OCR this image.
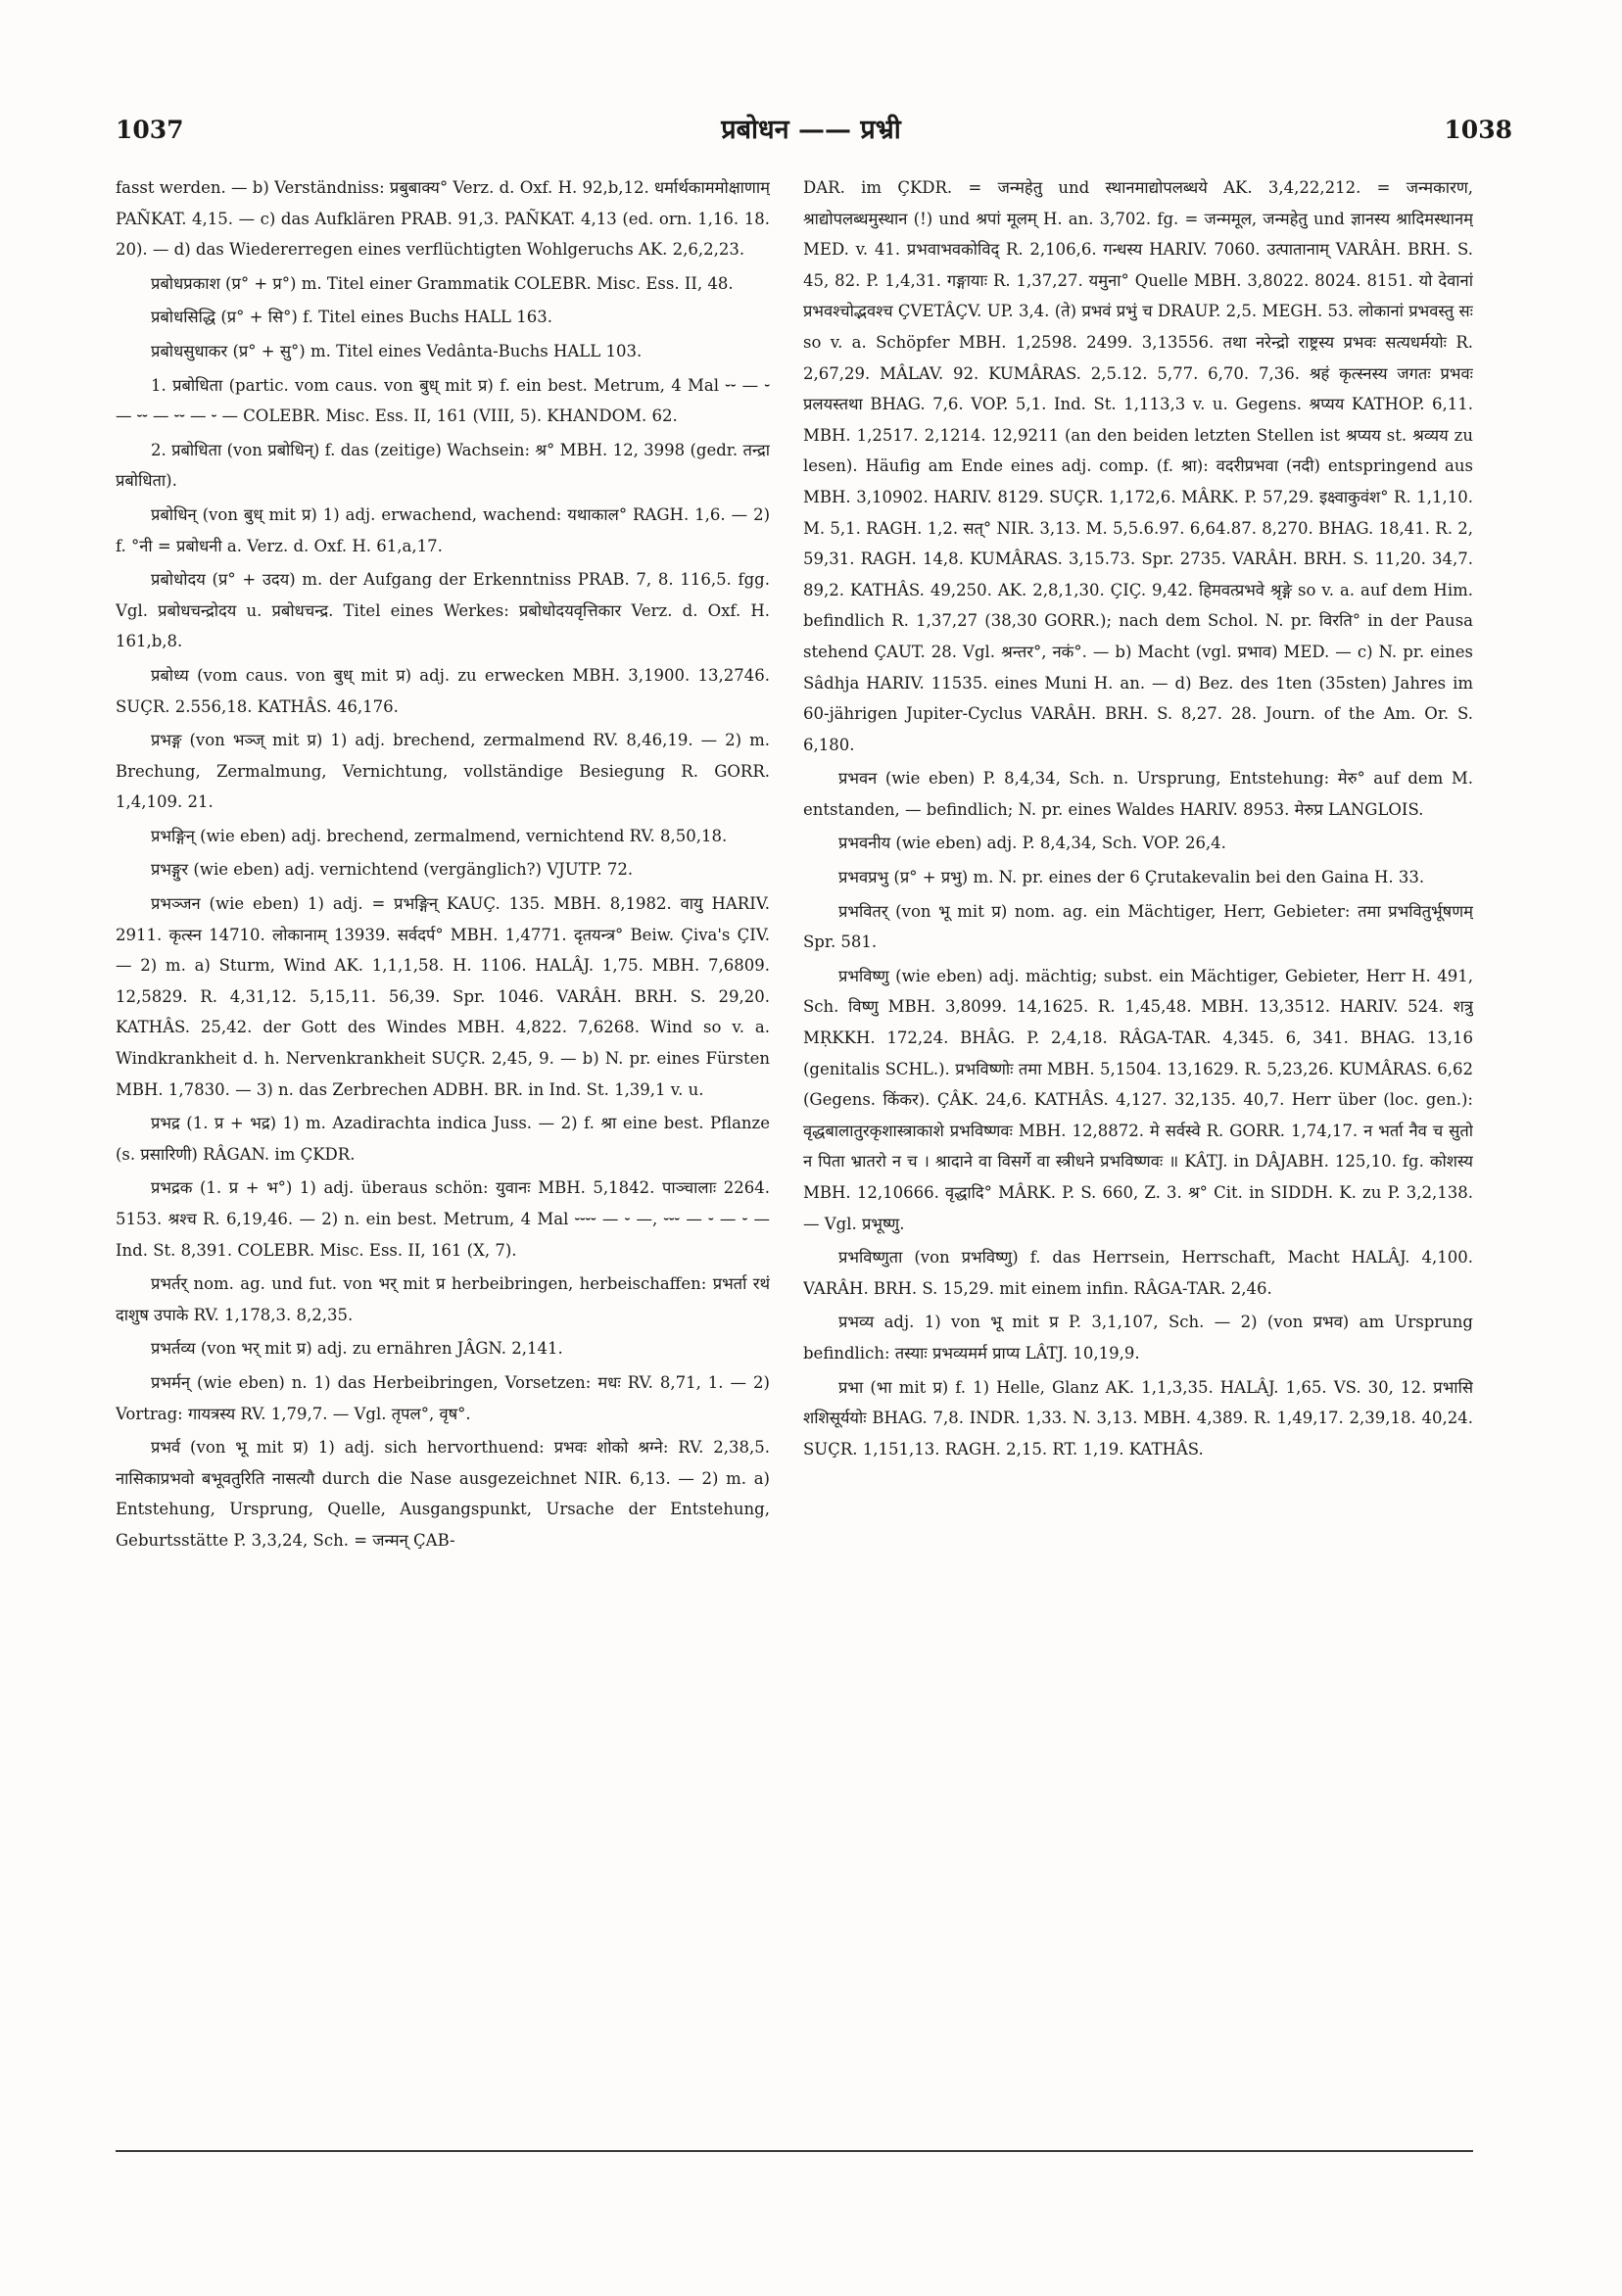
1037	प्रबोधन —— प्रभ्री	1038

fasst werden. — b) Verständniss: प्रबुबाक्य° Verz. d. Oxf. H. 92,b,12. धर्मार्थकाममोक्षाणाम् PAÑKAT. 4,15. — c) das Aufklären PRAB. 91,3. PAÑKAT. 4,13 (ed. orn. 1,16. 18. 20). — d) das Wiedererregen eines verflüchtigten Wohlgeruchs AK. 2,6,2,23.

प्रबोधप्रकाश (प्र° + प्र°) m. Titel einer Grammatik COLEBR. Misc. Ess. II, 48.

प्रबोधसिद्धि (प्र° + सि°) f. Titel eines Buchs HALL 163.

प्रबोधसुधाकर (प्र° + सु°) m. Titel eines Vedânta-Buchs HALL 103.

1. प्रबोधिता (partic. vom caus. von बुध् mit प्र) f. ein best. Metrum, 4 Mal ⏑⏑ — ⏑ — ⏑⏑ — ⏑⏑ — ⏑ — COLEBR. Misc. Ess. II, 161 (VIII, 5). KHANDOM. 62.

2. प्रबोधिता (von प्रबोधिन्) f. das (zeitige) Wachsein: श्र° MBH. 12, 3998 (gedr. तन्द्रा प्रबोधिता).

प्रबोधिन् (von बुध् mit प्र) 1) adj. erwachend, wachend: यथाकाल° RAGH. 1,6. — 2) f. °नी = प्रबोधनी a. Verz. d. Oxf. H. 61,a,17.

प्रबोधोदय (प्र° + उदय) m. der Aufgang der Erkenntniss PRAB. 7, 8. 116,5. fgg. Vgl. प्रबोधचन्द्रोदय u. प्रबोधचन्द्र. Titel eines Werkes: प्रबोधोदयवृत्तिकार Verz. d. Oxf. H. 161,b,8.

प्रबोध्य (vom caus. von बुध् mit प्र) adj. zu erwecken MBH. 3,1900. 13,2746. SUÇR. 2.556,18. KATHÂS. 46,176.

प्रभङ्ग (von भञ्ज् mit प्र) 1) adj. brechend, zermalmend RV. 8,46,19. — 2) m. Brechung, Zermalmung, Vernichtung, vollständige Besiegung R. GORR. 1,4,109. 21.

प्रभङ्गिन् (wie eben) adj. brechend, zermalmend, vernichtend RV. 8,50,18.

प्रभङ्गुर (wie eben) adj. vernichtend (vergänglich?) VJUTP. 72.

प्रभञ्जन (wie eben) 1) adj. = प्रभङ्गिन् KAUÇ. 135. MBH. 8,1982. वायु HARIV. 2911. कृत्स्न 14710. लोकानाम् 13939. सर्वदर्प° MBH. 1,4771. दृतयन्त्र° Beiw. Çiva's ÇIV. — 2) m. a) Sturm, Wind AK. 1,1,1,58. H. 1106. HALÂJ. 1,75. MBH. 7,6809. 12,5829. R. 4,31,12. 5,15,11. 56,39. Spr. 1046. VARÂH. BRH. S. 29,20. KATHÂS. 25,42. der Gott des Windes MBH. 4,822. 7,6268. Wind so v. a. Windkrankheit d. h. Nervenkrankheit SUÇR. 2,45, 9. — b) N. pr. eines Fürsten MBH. 1,7830. — 3) n. das Zerbrechen ADBH. BR. in Ind. St. 1,39,1 v. u.

प्रभद्र (1. प्र + भद्र) 1) m. Azadirachta indica Juss. — 2) f. श्रा eine best. Pflanze (s. प्रसारिणी) RÂGAN. im ÇKDR.

प्रभद्रक (1. प्र + भ°) 1) adj. überaus schön: युवानः MBH. 5,1842. पाञ्चालाः 2264. 5153. श्रश्च R. 6,19,46. — 2) n. ein best. Metrum, 4 Mal ⏑⏑⏑⏑ — ⏑ —, ⏑⏑⏑ — ⏑ — ⏑ — Ind. St. 8,391. COLEBR. Misc. Ess. II, 161 (X, 7).

प्रभर्तर् nom. ag. und fut. von भर् mit प्र herbeibringen, herbeischaffen: प्रभर्ता रथं दाशुष उपाके RV. 1,178,3. 8,2,35.

प्रभर्तव्य (von भर् mit प्र) adj. zu ernähren JÂGN. 2,141.

प्रभर्मन् (wie eben) n. 1) das Herbeibringen, Vorsetzen: मधः RV. 8,71, 1. — 2) Vortrag: गायत्रस्य RV. 1,79,7. — Vgl. तृपल°, वृष°.

प्रभर्व (von भू mit प्र) 1) adj. sich hervorthuend: प्रभवः शोको श्रग्ने: RV. 2,38,5. नासिकाप्रभवो बभूवतुरिति नासत्यौ durch die Nase ausgezeichnet NIR. 6,13. — 2) m. a) Entstehung, Ursprung, Quelle, Ausgangspunkt, Ursache der Entstehung, Geburtsstätte P. 3,3,24, Sch. = जन्मन् ÇAB-

DAR. im ÇKDR. = जन्महेतु und स्थानमाद्योपलब्धये AK. 3,4,22,212. = जन्मकारण, श्राद्योपलब्धमुस्थान (!) und श्रपां मूलम् H. an. 3,702. fg. = जन्ममूल, जन्महेतु und ज्ञानस्य श्रादिमस्थानम् MED. v. 41. प्रभवाभवकोविद् R. 2,106,6. गन्धस्य HARIV. 7060. उत्पातानाम् VARÂH. BRH. S. 45, 82. P. 1,4,31. गङ्गायाः R. 1,37,27. यमुना° Quelle MBH. 3,8022. 8024. 8151. यो देवानां प्रभवश्चोद्भवश्च ÇVETÂÇV. UP. 3,4. (ते) प्रभवं प्रभुं च DRAUP. 2,5. MEGH. 53. लोकानां प्रभवस्तु सः so v. a. Schöpfer MBH. 1,2598. 2499. 3,13556. तथा नरेन्द्रो राष्ट्रस्य प्रभवः सत्यधर्मयोः R. 2,67,29. MÂLAV. 92. KUMÂRAS. 2,5.12. 5,77. 6,70. 7,36. श्रहं कृत्स्नस्य जगतः प्रभवः प्रलयस्तथा BHAG. 7,6. VOP. 5,1. Ind. St. 1,113,3 v. u. Gegens. श्रप्यय KATHOP. 6,11. MBH. 1,2517. 2,1214. 12,9211 (an den beiden letzten Stellen ist श्रप्यय st. श्रव्यय zu lesen). Häufig am Ende eines adj. comp. (f. श्रा): वदरीप्रभवा (नदी) entspringend aus MBH. 3,10902. HARIV. 8129. SUÇR. 1,172,6. MÂRK. P. 57,29. इक्ष्वाकुवंश° R. 1,1,10. M. 5,1. RAGH. 1,2. सत्° NIR. 3,13. M. 5,5.6.97. 6,64.87. 8,270. BHAG. 18,41. R. 2, 59,31. RAGH. 14,8. KUMÂRAS. 3,15.73. Spr. 2735. VARÂH. BRH. S. 11,20. 34,7. 89,2. KATHÂS. 49,250. AK. 2,8,1,30. ÇIÇ. 9,42. हिमवत्प्रभवे श्रृङ्गे so v. a. auf dem Him. befindlich R. 1,37,27 (38,30 GORR.); nach dem Schol. N. pr. विरति° in der Pausa stehend ÇAUT. 28. Vgl. श्रन्तर°, नकं°. — b) Macht (vgl. प्रभाव) MED. — c) N. pr. eines Sâdhja HARIV. 11535. eines Muni H. an. — d) Bez. des 1ten (35sten) Jahres im 60-jährigen Jupiter-Cyclus VARÂH. BRH. S. 8,27. 28. Journ. of the Am. Or. S. 6,180.

प्रभवन (wie eben) P. 8,4,34, Sch. n. Ursprung, Entstehung: मेरु° auf dem M. entstanden, — befindlich; N. pr. eines Waldes HARIV. 8953. मेरुप्र LANGLOIS.

प्रभवनीय (wie eben) adj. P. 8,4,34, Sch. VOP. 26,4.

प्रभवप्रभु (प्र° + प्रभु) m. N. pr. eines der 6 Çrutakevalin bei den Gaina H. 33.

प्रभवितर् (von भू mit प्र) nom. ag. ein Mächtiger, Herr, Gebieter: तमा प्रभवितुर्भूषणम् Spr. 581.

प्रभविष्णु (wie eben) adj. mächtig; subst. ein Mächtiger, Gebieter, Herr H. 491, Sch. विष्णु MBH. 3,8099. 14,1625. R. 1,45,48. MBH. 13,3512. HARIV. 524. शत्रु MṚKKH. 172,24. BHÂG. P. 2,4,18. RÂGA-TAR. 4,345. 6, 341. BHAG. 13,16 (genitalis SCHL.). प्रभविष्णोः तमा MBH. 5,1504. 13,1629. R. 5,23,26. KUMÂRAS. 6,62 (Gegens. किंकर). ÇÂK. 24,6. KATHÂS. 4,127. 32,135. 40,7. Herr über (loc. gen.): वृद्धबालातुरकृशास्त्राकाशे प्रभविष्णवः MBH. 12,8872. मे सर्वस्वे R. GORR. 1,74,17. न भर्ता नैव च सुतो न पिता भ्रातरो न च । श्रादाने वा विसर्गे वा स्त्रीधने प्रभविष्णवः ॥ KÂTJ. in DÂJABH. 125,10. fg. कोशस्य MBH. 12,10666. वृद्धादि° MÂRK. P. S. 660, Z. 3. श्र° Cit. in SIDDH. K. zu P. 3,2,138. — Vgl. प्रभूष्णु.

प्रभविष्णुता (von प्रभविष्णु) f. das Herrsein, Herrschaft, Macht HALÂJ. 4,100. VARÂH. BRH. S. 15,29. mit einem infin. RÂGA-TAR. 2,46.

प्रभव्य adj. 1) von भू mit प्र P. 3,1,107, Sch. — 2) (von प्रभव) am Ursprung befindlich: तस्याः प्रभव्यमर्म प्राप्य LÂTJ. 10,19,9.

प्रभा (भा mit प्र) f. 1) Helle, Glanz AK. 1,1,3,35. HALÂJ. 1,65. VS. 30, 12. प्रभासि शशिसूर्ययोः BHAG. 7,8. INDR. 1,33. N. 3,13. MBH. 4,389. R. 1,49,17. 2,39,18. 40,24. SUÇR. 1,151,13. RAGH. 2,15. RT. 1,19. KATHÂS.
